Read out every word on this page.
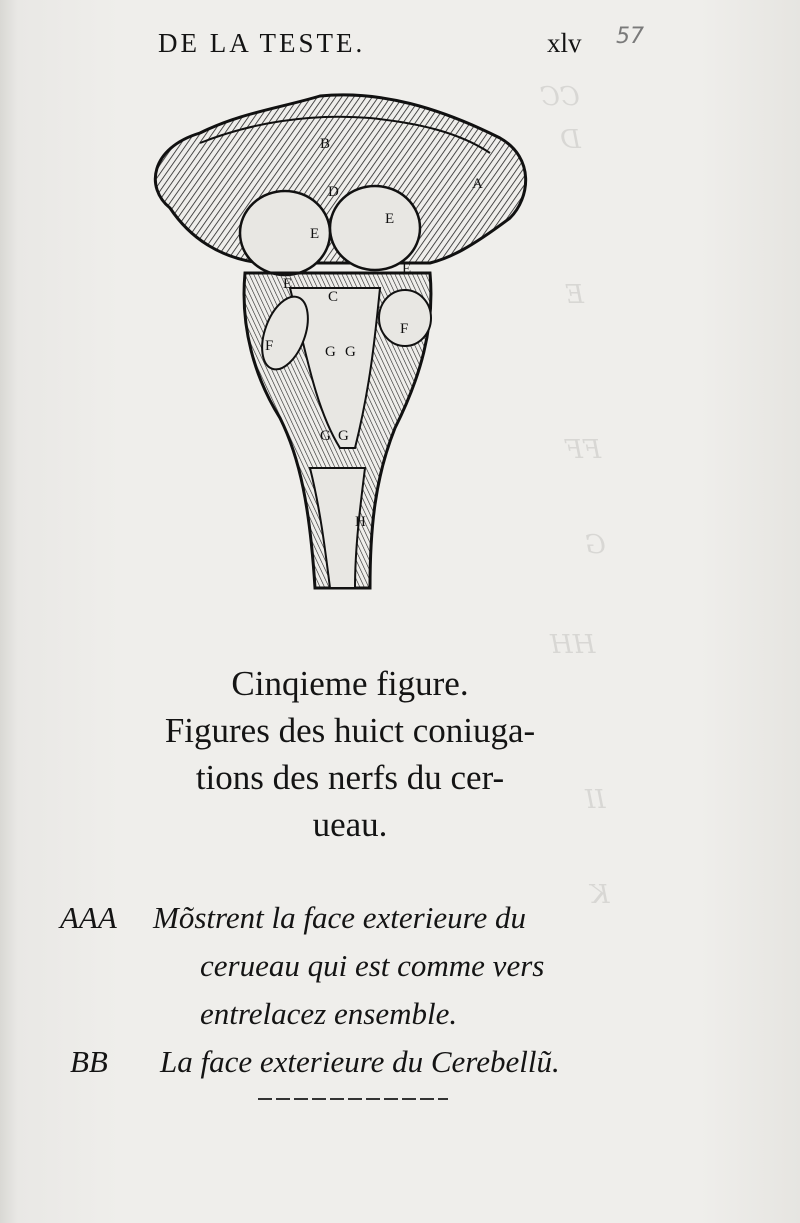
CC
D
E
FF
G
HH
II
K
DE LA TESTE.	xlv 57
A
B
D
E
E
E
E
C
F
F
G G
G G
H
Cinqieme figure.
Figures des huict coniuga-
tions des nerfs du cer-
ueau.
AAA Mõstrent la face exterieure du
cerueau qui est comme vers
entrelacez ensemble.
BB La face exterieure du Cerebellũ.
